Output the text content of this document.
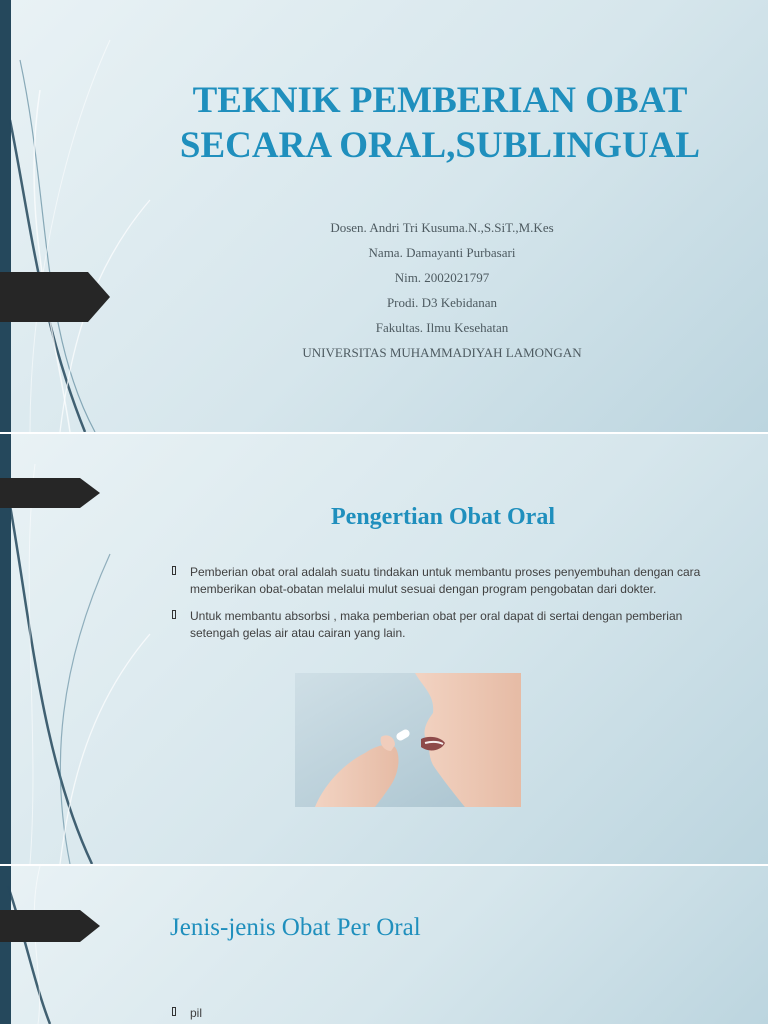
TEKNIK PEMBERIAN OBAT
SECARA ORAL,SUBLINGUAL
Dosen. Andri Tri Kusuma.N.,S.SiT.,M.Kes
Nama. Damayanti Purbasari
Nim. 2002021797
Prodi. D3 Kebidanan
Fakultas. Ilmu Kesehatan
UNIVERSITAS MUHAMMADIYAH LAMONGAN
Pengertian Obat Oral
Pemberian obat oral adalah suatu tindakan untuk membantu proses penyembuhan dengan cara memberikan obat-obatan melalui mulut sesuai dengan program pengobatan dari dokter.
Untuk membantu absorbsi , maka pemberian obat per oral dapat di sertai dengan pemberian setengah gelas air atau cairan yang lain.
Jenis-jenis Obat Per Oral
pil
